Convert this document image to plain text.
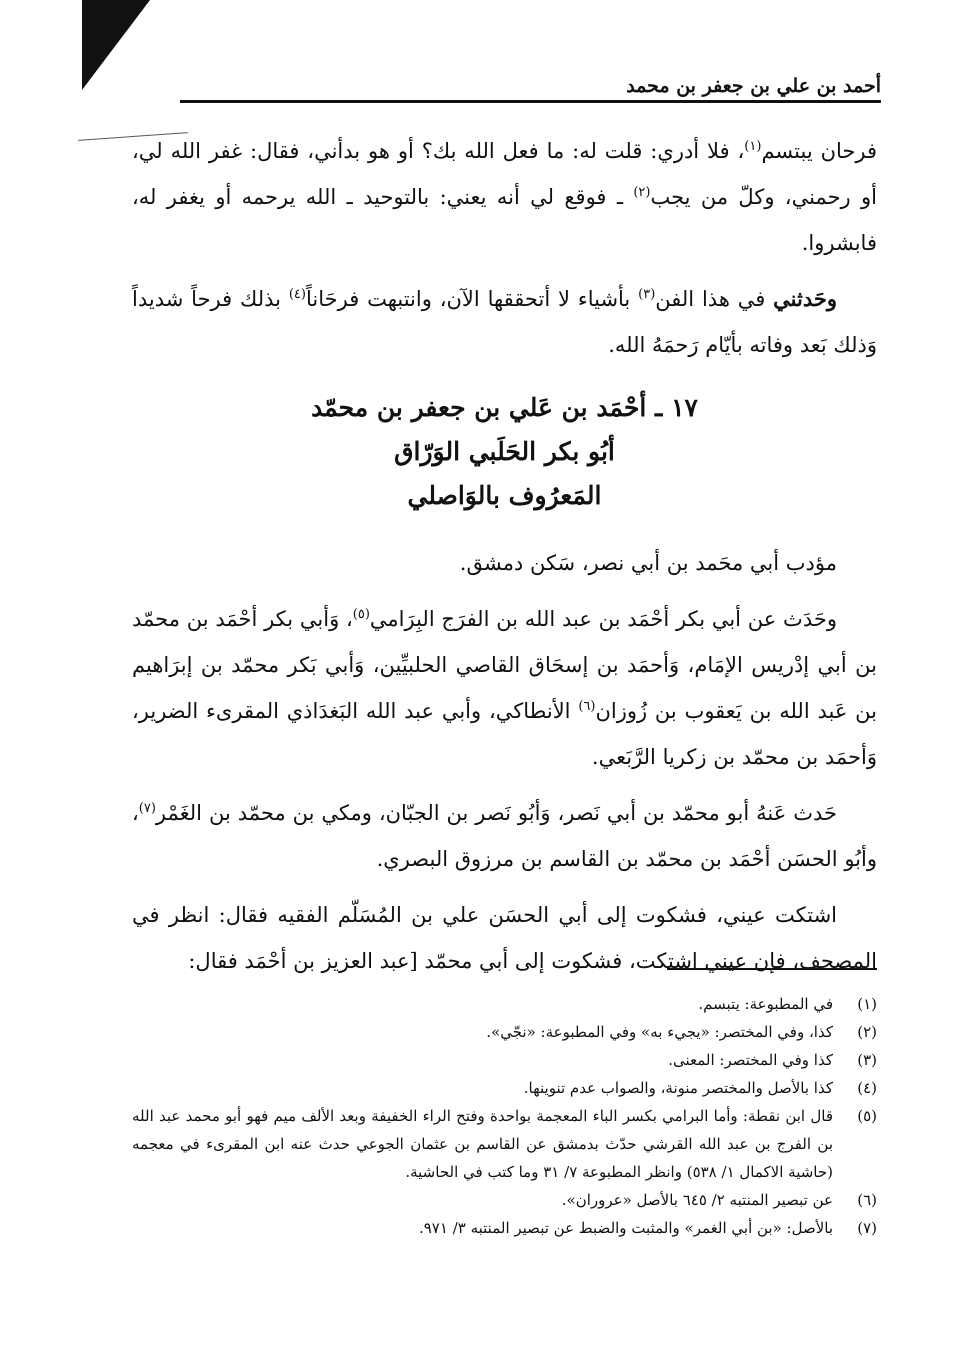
أحمد بن علي بن جعفر بن محمد

فرحان يبتسم$^{(١)}$، فلا أدري: قلت له: ما فعل الله بك؟ أو هو بدأني، فقال: غفر الله لي، أو رحمني، وكلّ من يجب$^{(٢)}$ ـ فوقع لي أنه يعني: بالتوحيد ـ الله يرحمه أو يغفر له، فابشروا.

وحَدثني في هذا الفن$^{(٣)}$ بأشياء لا أتحققها الآن، وانتبهت فرحَاناً$^{(٤)}$ بذلك فرحاً شديداً وَذلك بَعد وفاته بأيّام رَحمَهُ الله.

١٧ ـ أحْمَد بن عَلي بن جعفر بن محمّد
أبُو بكر الحَلَبي الوَرّاق
المَعرُوف بالوَاصلي

مؤدب أبي محَمد بن أبي نصر، سَكن دمشق.

وحَدَث عن أبي بكر أحْمَد بن عبد الله بن الفرَج البِرَامي$^{(٥)}$، وَأبي بكر أحْمَد بن محمّد بن أبي إدْريس الإمَام، وَأحمَد بن إسحَاق القاصي الحلبيِّين، وَأبي بَكر محمّد بن إبرَاهيم بن عَبد الله بن يَعقوب بن زُوزان$^{(٦)}$ الأنطاكي، وأبي عبد الله البَغدَاذي المقرىء الضرير، وَأحمَد بن محمّد بن زكريا الرَّبَعي.

حَدث عَنهُ أبو محمّد بن أبي نَصر، وَأبُو نَصر بن الجبّان، ومكي بن محمّد بن الغَمْر$^{(٧)}$، وأبُو الحسَن أحْمَد بن محمّد بن القاسم بن مرزوق البصري.

اشتكت عيني، فشكوت إلى أبي الحسَن علي بن المُسَلّم الفقيه فقال: انظر في المصحف، فإن عيني اشتكت، فشكوت إلى أبي محمّد [عبد العزيز بن أحْمَد فقال:

(١)
في المطبوعة: يتبسم.
(٢)
كذا، وفي المختصر: «يجيء به» وفي المطبوعة: «نجّي».
(٣)
كذا وفي المختصر: المعنى.
(٤)
كذا بالأصل والمختصر منونة، والصواب عدم تنوينها.
(٥)
قال ابن نقطة: وأما البرامي بكسر الباء المعجمة بواحدة وفتح الراء الخفيفة وبعد الألف ميم فهو أبو محمد عبد الله بن الفرج بن عبد الله القرشي حدّث بدمشق عن القاسم بن عثمان الجوعي حدث عنه ابن المقرىء في معجمه (حاشية الاكمال ١/ ٥٣٨) وانظر المطبوعة ٧/ ٣١ وما كتب في الحاشية.
(٦)
عن تبصير المنتبه ٢/ ٦٤٥ بالأصل «عروران».
(٧)
بالأصل: «بن أبي الغمر» والمثبت والضبط عن تبصير المنتبه ٣/ ٩٧١.
